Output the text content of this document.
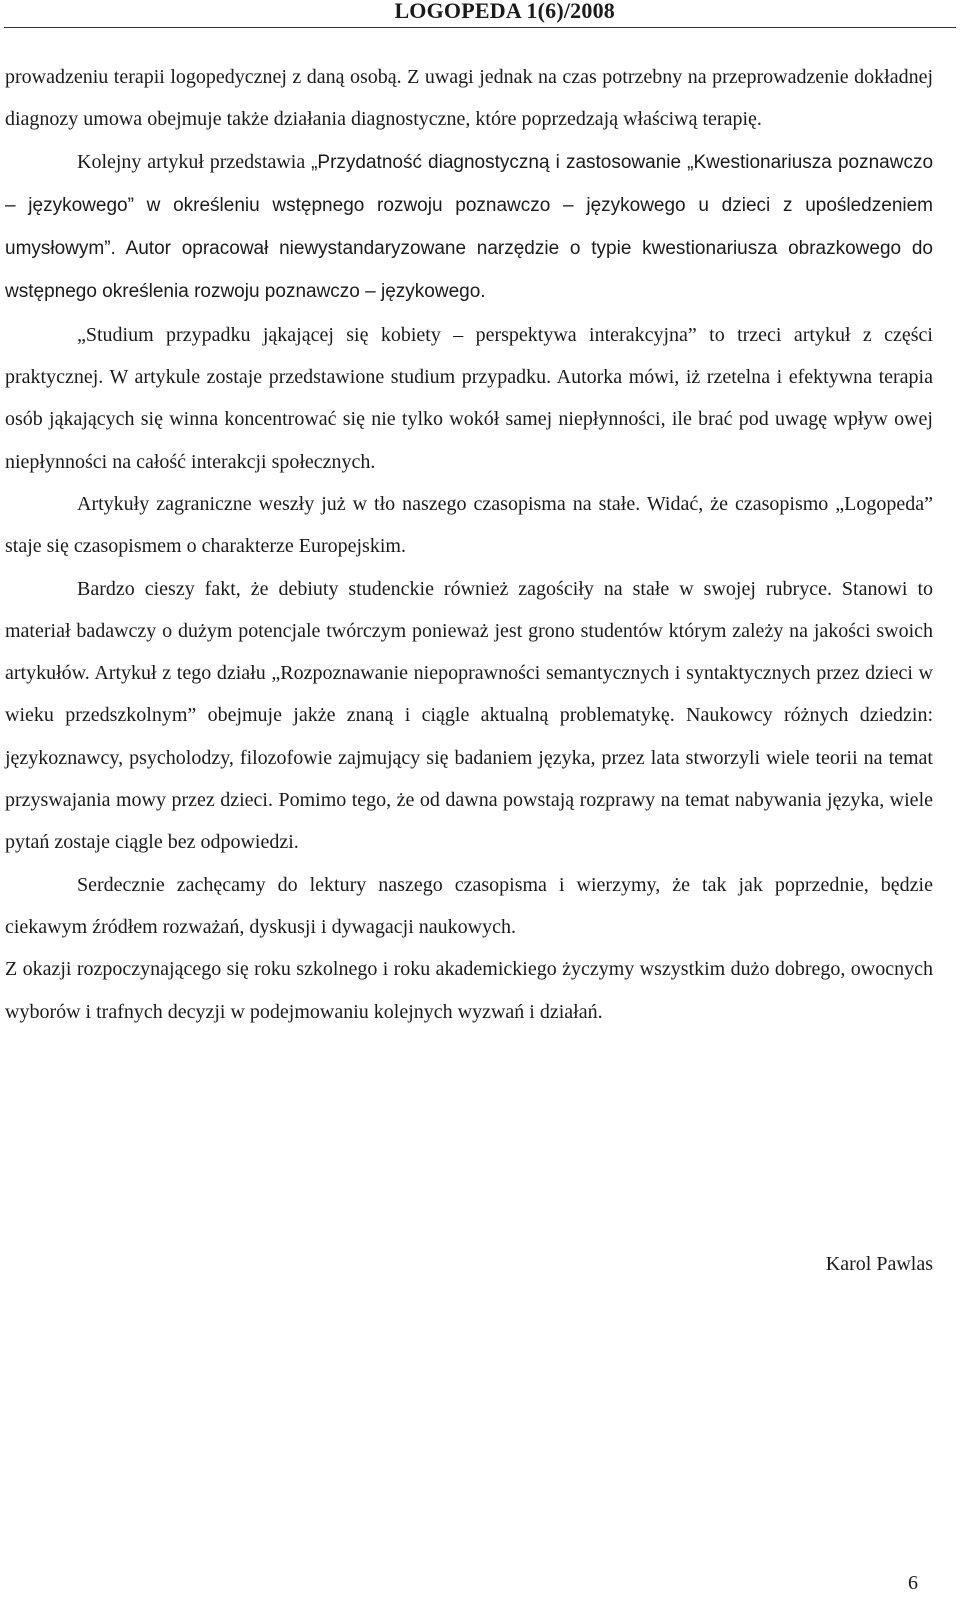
LOGOPEDA 1(6)/2008

prowadzeniu terapii logopedycznej z daną osobą. Z uwagi jednak na czas potrzebny na przeprowadzenie dokładnej diagnozy umowa obejmuje także działania diagnostyczne, które poprzedzają właściwą terapię.

Kolejny artykuł przedstawia „Przydatność diagnostyczną i zastosowanie „Kwestionariusza poznawczo – językowego” w określeniu wstępnego rozwoju poznawczo – językowego u dzieci z upośledzeniem umysłowym”. Autor opracował niewystandaryzowane narzędzie o typie kwestionariusza obrazkowego do wstępnego określenia rozwoju poznawczo – językowego.

„Studium przypadku jąkającej się kobiety – perspektywa interakcyjna” to trzeci artykuł z części praktycznej. W artykule zostaje przedstawione studium przypadku. Autorka mówi, iż rzetelna i efektywna terapia osób jąkających się winna koncentrować się nie tylko wokół samej niepłynności, ile brać pod uwagę wpływ owej niepłynności na całość interakcji społecznych.

Artykuły zagraniczne weszły już w tło naszego czasopisma na stałe. Widać, że czasopismo „Logopeda” staje się czasopismem o charakterze Europejskim.

Bardzo cieszy fakt, że debiuty studenckie również zagościły na stałe w swojej rubryce. Stanowi to materiał badawczy o dużym potencjale twórczym ponieważ jest grono studentów którym zależy na jakości swoich artykułów. Artykuł z tego działu „Rozpoznawanie niepoprawności semantycznych i syntaktycznych przez dzieci w wieku przedszkolnym” obejmuje jakże znaną i ciągle aktualną problematykę. Naukowcy różnych dziedzin: językoznawcy, psycholodzy, filozofowie zajmujący się badaniem języka, przez lata stworzyli wiele teorii na temat przyswajania mowy przez dzieci. Pomimo tego, że od dawna powstają rozprawy na temat nabywania języka, wiele pytań zostaje ciągle bez odpowiedzi.

Serdecznie zachęcamy do lektury naszego czasopisma i wierzymy, że tak jak poprzednie, będzie ciekawym źródłem rozważań, dyskusji i dywagacji naukowych.

Z okazji rozpoczynającego się roku szkolnego i roku akademickiego życzymy wszystkim dużo dobrego, owocnych wyborów i trafnych decyzji w podejmowaniu kolejnych wyzwań i działań.

Karol Pawlas
6
